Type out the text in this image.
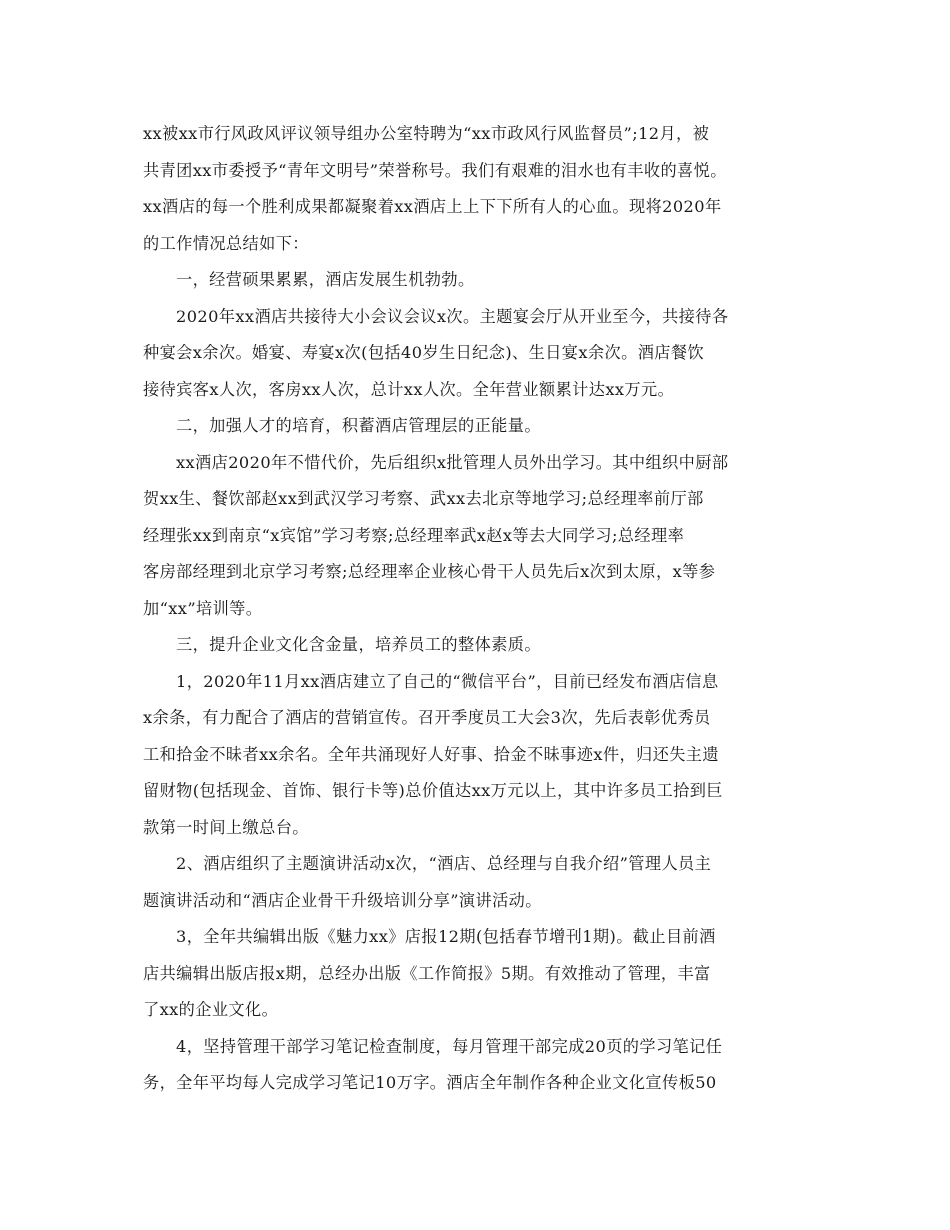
xx被xx市行风政风评议领导组办公室特聘为“xx市政风行风监督员”;12月，被
共青团xx市委授予“青年文明号”荣誉称号。我们有艰难的泪水也有丰收的喜悦。
xx酒店的每一个胜利成果都凝聚着xx酒店上上下下所有人的心血。现将2020年
的工作情况总结如下：
一，经营硕果累累，酒店发展生机勃勃。
2020年xx酒店共接待大小会议会议x次。主题宴会厅从开业至今，共接待各
种宴会x余次。婚宴、寿宴x次(包括40岁生日纪念)、生日宴x余次。酒店餐饮
接待宾客x人次，客房xx人次，总计xx人次。全年营业额累计达xx万元。
二，加强人才的培育，积蓄酒店管理层的正能量。
xx酒店2020年不惜代价，先后组织x批管理人员外出学习。其中组织中厨部
贺xx生、餐饮部赵xx到武汉学习考察、武xx去北京等地学习;总经理率前厅部
经理张xx到南京“x宾馆”学习考察;总经理率武x赵x等去大同学习;总经理率
客房部经理到北京学习考察;总经理率企业核心骨干人员先后x次到太原，x等参
加“xx”培训等。
三，提升企业文化含金量，培养员工的整体素质。
1，2020年11月xx酒店建立了自己的“微信平台”，目前已经发布酒店信息
x余条，有力配合了酒店的营销宣传。召开季度员工大会3次，先后表彰优秀员
工和拾金不昧者xx余名。全年共涌现好人好事、拾金不昧事迹x件，归还失主遗
留财物(包括现金、首饰、银行卡等)总价值达xx万元以上，其中许多员工拾到巨
款第一时间上缴总台。
2、酒店组织了主题演讲活动x次，“酒店、总经理与自我介绍”管理人员主
题演讲活动和“酒店企业骨干升级培训分享”演讲活动。
3，全年共编辑出版《魅力xx》店报12期(包括春节增刊1期)。截止目前酒
店共编辑出版店报x期，总经办出版《工作简报》5期。有效推动了管理，丰富
了xx的企业文化。
4，坚持管理干部学习笔记检查制度，每月管理干部完成20页的学习笔记任
务，全年平均每人完成学习笔记10万字。酒店全年制作各种企业文化宣传板50
